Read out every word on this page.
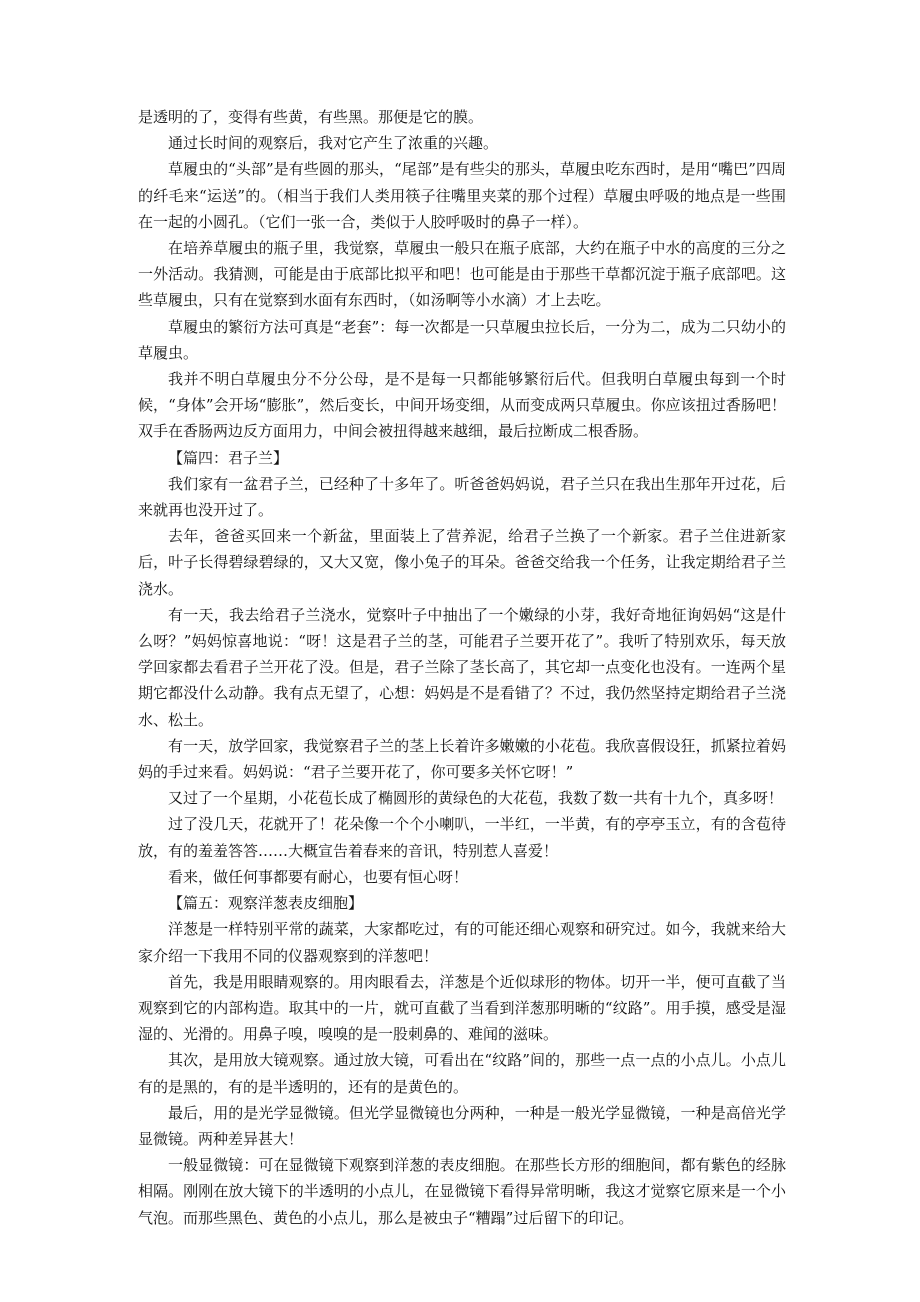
是透明的了，变得有些黄，有些黑。那便是它的膜。

通过长时间的观察后，我对它产生了浓重的兴趣。

草履虫的“头部”是有些圆的那头，“尾部”是有些尖的那头，草履虫吃东西时，是用“嘴巴”四周的纤毛来“运送”的。（相当于我们人类用筷子往嘴里夹菜的那个过程）草履虫呼吸的地点是一些围在一起的小圆孔。（它们一张一合，类似于人胶呼吸时的鼻子一样）。

在培养草履虫的瓶子里，我觉察，草履虫一般只在瓶子底部，大约在瓶子中水的高度的三分之一外活动。我猜测，可能是由于底部比拟平和吧！也可能是由于那些干草都沉淀于瓶子底部吧。这些草履虫，只有在觉察到水面有东西时，（如汤啊等小水滴）才上去吃。

草履虫的繁衍方法可真是“老套”：每一次都是一只草履虫拉长后，一分为二，成为二只幼小的草履虫。

我并不明白草履虫分不分公母，是不是每一只都能够繁衍后代。但我明白草履虫每到一个时候，“身体”会开场“膨胀”，然后变长，中间开场变细，从而变成两只草履虫。你应该扭过香肠吧！双手在香肠两边反方面用力，中间会被扭得越来越细，最后拉断成二根香肠。

【篇四：君子兰】

我们家有一盆君子兰，已经种了十多年了。听爸爸妈妈说，君子兰只在我出生那年开过花，后来就再也没开过了。

去年，爸爸买回来一个新盆，里面装上了营养泥，给君子兰换了一个新家。君子兰住进新家后，叶子长得碧绿碧绿的，又大又宽，像小兔子的耳朵。爸爸交给我一个任务，让我定期给君子兰浇水。

有一天，我去给君子兰浇水，觉察叶子中抽出了一个嫩绿的小芽，我好奇地征询妈妈“这是什么呀？”妈妈惊喜地说：“呀！这是君子兰的茎，可能君子兰要开花了”。我听了特别欢乐，每天放学回家都去看君子兰开花了没。但是，君子兰除了茎长高了，其它却一点变化也没有。一连两个星期它都没什么动静。我有点无望了，心想：妈妈是不是看错了？不过，我仍然坚持定期给君子兰浇水、松土。

有一天，放学回家，我觉察君子兰的茎上长着许多嫩嫩的小花苞。我欣喜假设狂，抓紧拉着妈妈的手过来看。妈妈说：“君子兰要开花了，你可要多关怀它呀！”

又过了一个星期，小花苞长成了椭圆形的黄绿色的大花苞，我数了数一共有十九个，真多呀！

过了没几天，花就开了！花朵像一个个小喇叭，一半红，一半黄，有的亭亭玉立，有的含苞待放，有的羞羞答答……大概宣告着春来的音讯，特别惹人喜爱！

看来，做任何事都要有耐心，也要有恒心呀！

【篇五：观察洋葱表皮细胞】

洋葱是一样特别平常的蔬菜，大家都吃过，有的可能还细心观察和研究过。如今，我就来给大家介绍一下我用不同的仪器观察到的洋葱吧！

首先，我是用眼睛观察的。用肉眼看去，洋葱是个近似球形的物体。切开一半，便可直截了当观察到它的内部构造。取其中的一片，就可直截了当看到洋葱那明晰的“纹路”。用手摸，感受是湿湿的、光滑的。用鼻子嗅，嗅嗅的是一股刺鼻的、难闻的滋味。

其次，是用放大镜观察。通过放大镜，可看出在“纹路”间的，那些一点一点的小点儿。小点儿有的是黑的，有的是半透明的，还有的是黄色的。

最后，用的是光学显微镜。但光学显微镜也分两种，一种是一般光学显微镜，一种是高倍光学显微镜。两种差异甚大！

一般显微镜：可在显微镜下观察到洋葱的表皮细胞。在那些长方形的细胞间，都有紫色的经脉相隔。刚刚在放大镜下的半透明的小点儿，在显微镜下看得异常明晰，我这才觉察它原来是一个小气泡。而那些黑色、黄色的小点儿，那么是被虫子“糟蹋”过后留下的印记。
